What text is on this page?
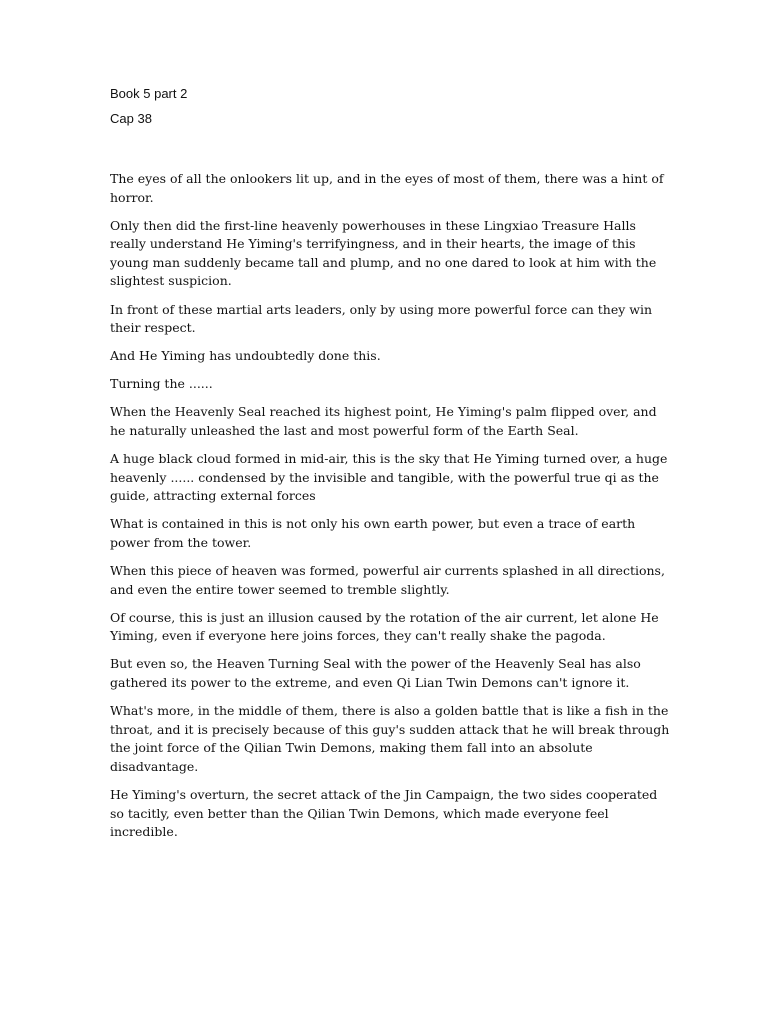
Book 5 part 2
Cap 38

The eyes of all the onlookers lit up, and in the eyes of most of them, there was a hint of horror.

Only then did the first-line heavenly powerhouses in these Lingxiao Treasure Halls really understand He Yiming's terrifyingness, and in their hearts, the image of this young man suddenly became tall and plump, and no one dared to look at him with the slightest suspicion.

In front of these martial arts leaders, only by using more powerful force can they win their respect.

And He Yiming has undoubtedly done this.

Turning the ......

When the Heavenly Seal reached its highest point, He Yiming's palm flipped over, and he naturally unleashed the last and most powerful form of the Earth Seal.

A huge black cloud formed in mid-air, this is the sky that He Yiming turned over, a huge heavenly ...... condensed by the invisible and tangible, with the powerful true qi as the guide, attracting external forces

What is contained in this is not only his own earth power, but even a trace of earth power from the tower.

When this piece of heaven was formed, powerful air currents splashed in all directions, and even the entire tower seemed to tremble slightly.

Of course, this is just an illusion caused by the rotation of the air current, let alone He Yiming, even if everyone here joins forces, they can't really shake the pagoda.

But even so, the Heaven Turning Seal with the power of the Heavenly Seal has also gathered its power to the extreme, and even Qi Lian Twin Demons can't ignore it.

What's more, in the middle of them, there is also a golden battle that is like a fish in the throat, and it is precisely because of this guy's sudden attack that he will break through the joint force of the Qilian Twin Demons, making them fall into an absolute disadvantage.

He Yiming's overturn, the secret attack of the Jin Campaign, the two sides cooperated so tacitly, even better than the Qilian Twin Demons, which made everyone feel incredible.
